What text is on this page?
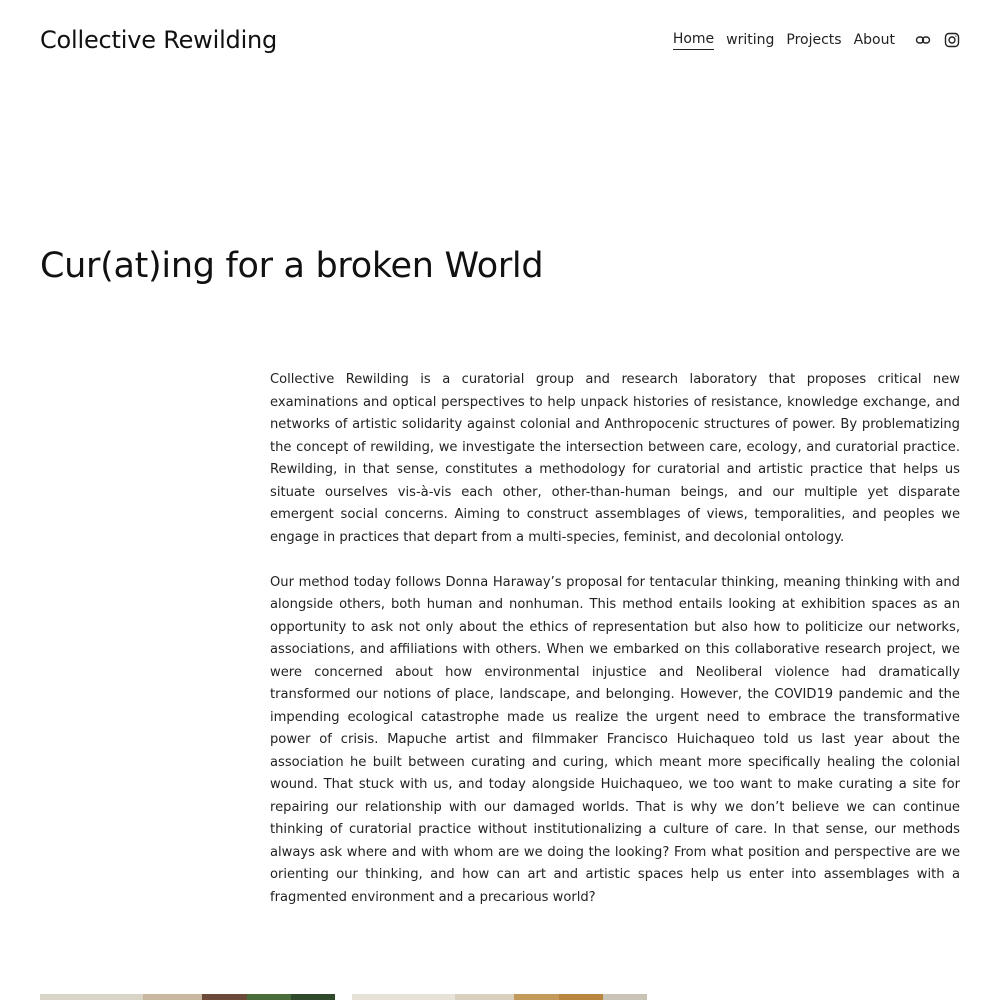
Collective Rewilding	Home writing Projects About
Cur(at)ing for a broken World

Collective Rewilding is a curatorial group and research laboratory that proposes critical new examinations and optical perspectives to help unpack histories of resistance, knowledge exchange, and networks of artistic solidarity against colonial and Anthropocenic structures of power. By problematizing the concept of rewilding, we investigate the intersection between care, ecology, and curatorial practice. Rewilding, in that sense, constitutes a methodology for curatorial and artistic practice that helps us situate ourselves vis-à-vis each other, other-than-human beings, and our multiple yet disparate emergent social concerns. Aiming to construct assemblages of views, temporalities, and peoples we engage in practices that depart from a multi-species, feminist, and decolonial ontology.

Our method today follows Donna Haraway’s proposal for tentacular thinking, meaning thinking with and alongside others, both human and nonhuman. This method entails looking at exhibition spaces as an opportunity to ask not only about the ethics of representation but also how to politicize our networks, associations, and affiliations with others. When we embarked on this collaborative research project, we were concerned about how environmental injustice and Neoliberal violence had dramatically transformed our notions of place, landscape, and belonging. However, the COVID19 pandemic and the impending ecological catastrophe made us realize the urgent need to embrace the transformative power of crisis. Mapuche artist and filmmaker Francisco Huichaqueo told us last year about the association he built between curating and curing, which meant more specifically healing the colonial wound. That stuck with us, and today alongside Huichaqueo, we too want to make curating a site for repairing our relationship with our damaged worlds. That is why we don’t believe we can continue thinking of curatorial practice without institutionalizing a culture of care. In that sense, our methods always ask where and with whom are we doing the looking? From what position and perspective are we orienting our thinking, and how can art and artistic spaces help us enter into assemblages with a fragmented environment and a precarious world?
